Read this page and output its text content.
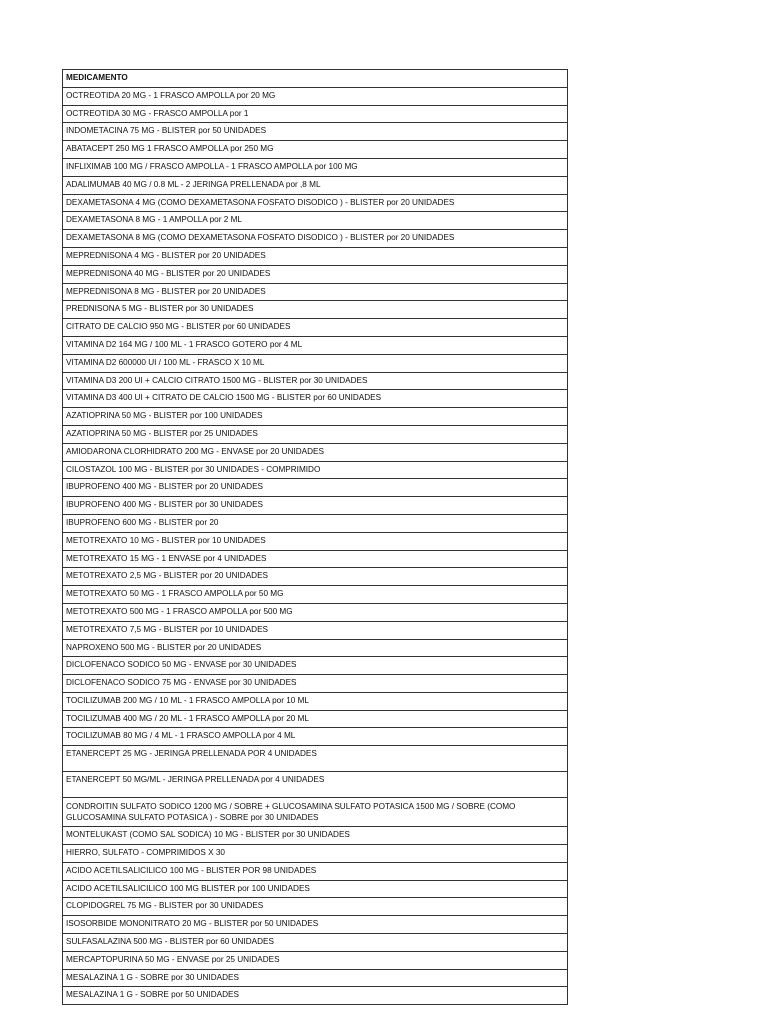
MEDICAMENTO
OCTREOTIDA 20 MG - 1 FRASCO AMPOLLA por 20 MG
OCTREOTIDA 30 MG - FRASCO AMPOLLA por 1
INDOMETACINA 75 MG - BLISTER por 50 UNIDADES
ABATACEPT 250 MG 1 FRASCO AMPOLLA por 250 MG
INFLIXIMAB 100 MG / FRASCO AMPOLLA - 1 FRASCO AMPOLLA por 100 MG
ADALIMUMAB 40 MG / 0.8 ML - 2 JERINGA PRELLENADA por ,8 ML
DEXAMETASONA 4 MG (COMO DEXAMETASONA FOSFATO DISODICO ) - BLISTER por 20 UNIDADES
DEXAMETASONA 8 MG - 1 AMPOLLA por 2 ML
DEXAMETASONA 8 MG (COMO DEXAMETASONA FOSFATO DISODICO ) - BLISTER por 20 UNIDADES
MEPREDNISONA 4 MG - BLISTER por 20 UNIDADES
MEPREDNISONA 40 MG - BLISTER por 20 UNIDADES
MEPREDNISONA 8 MG - BLISTER por 20 UNIDADES
PREDNISONA 5 MG - BLISTER por 30 UNIDADES
CITRATO DE CALCIO 950 MG - BLISTER por 60 UNIDADES
VITAMINA D2 164 MG / 100 ML - 1 FRASCO GOTERO por 4 ML
VITAMINA D2 600000 UI / 100 ML - FRASCO X 10 ML
VITAMINA D3 200 UI + CALCIO CITRATO 1500 MG - BLISTER por 30 UNIDADES
VITAMINA D3 400 UI + CITRATO DE CALCIO 1500 MG - BLISTER por 60 UNIDADES
AZATIOPRINA 50 MG - BLISTER por 100 UNIDADES
AZATIOPRINA 50 MG - BLISTER por 25 UNIDADES
AMIODARONA CLORHIDRATO 200 MG - ENVASE por 20 UNIDADES
CILOSTAZOL 100 MG - BLISTER por 30 UNIDADES - COMPRIMIDO
IBUPROFENO 400 MG - BLISTER por 20 UNIDADES
IBUPROFENO 400 MG - BLISTER por 30 UNIDADES
IBUPROFENO 600 MG - BLISTER por 20
METOTREXATO 10 MG - BLISTER por 10 UNIDADES
METOTREXATO 15 MG - 1 ENVASE por 4 UNIDADES
METOTREXATO 2,5 MG - BLISTER por 20 UNIDADES
METOTREXATO 50 MG - 1 FRASCO AMPOLLA por 50 MG
METOTREXATO 500 MG - 1 FRASCO AMPOLLA por 500 MG
METOTREXATO 7,5 MG - BLISTER por 10 UNIDADES
NAPROXENO 500 MG - BLISTER por 20 UNIDADES
DICLOFENACO SODICO 50 MG - ENVASE por 30 UNIDADES
DICLOFENACO SODICO 75 MG - ENVASE por 30 UNIDADES
TOCILIZUMAB 200 MG / 10 ML - 1 FRASCO AMPOLLA por 10 ML
TOCILIZUMAB 400 MG / 20 ML - 1 FRASCO AMPOLLA por 20 ML
TOCILIZUMAB 80 MG / 4 ML - 1 FRASCO AMPOLLA por 4 ML
ETANERCEPT 25 MG - JERINGA PRELLENADA POR 4 UNIDADES
ETANERCEPT 50 MG/ML - JERINGA PRELLENADA por 4 UNIDADES

CONDROITIN SULFATO SODICO 1200 MG / SOBRE + GLUCOSAMINA SULFATO POTASICA 1500 MG / SOBRE (COMO
GLUCOSAMINA SULFATO POTASICA ) - SOBRE por 30 UNIDADES

MONTELUKAST (COMO SAL SODICA) 10 MG - BLISTER por 30 UNIDADES
HIERRO, SULFATO - COMPRIMIDOS X 30
ACIDO ACETILSALICILICO 100 MG - BLISTER POR 98 UNIDADES
ACIDO ACETILSALICILICO 100 MG BLISTER por 100 UNIDADES
CLOPIDOGREL 75 MG - BLISTER por 30 UNIDADES
ISOSORBIDE MONONITRATO 20 MG - BLISTER por 50 UNIDADES
SULFASALAZINA 500 MG - BLISTER por 60 UNIDADES
MERCAPTOPURINA 50 MG - ENVASE por 25 UNIDADES
MESALAZINA 1 G - SOBRE por 30 UNIDADES
MESALAZINA 1 G - SOBRE por 50 UNIDADES
